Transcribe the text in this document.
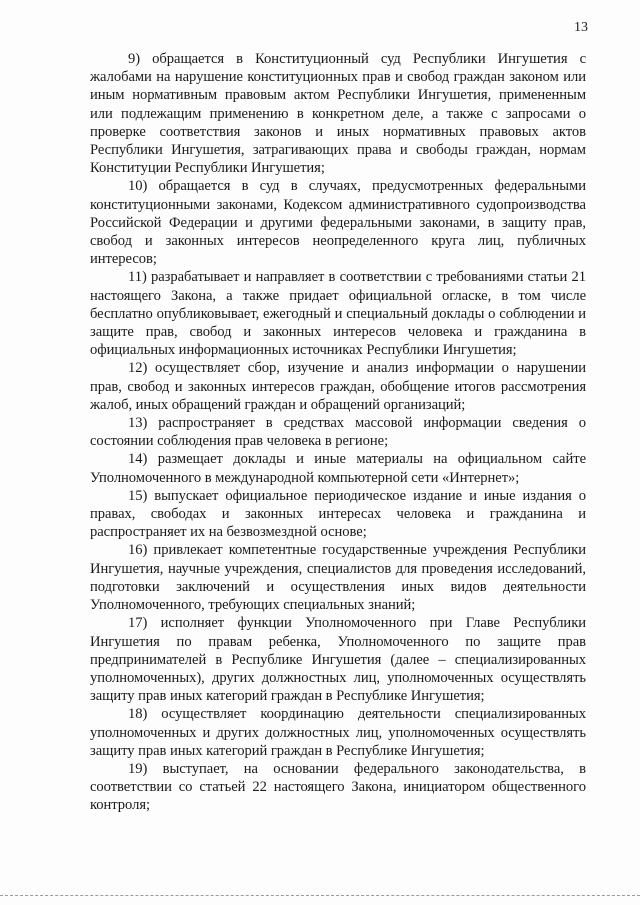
13

9) обращается в Конституционный суд Республики Ингушетия с жалобами на нарушение конституционных прав и свобод граждан законом или иным нормативным правовым актом Республики Ингушетия, примененным или подлежащим применению в конкретном деле, а также с запросами о проверке соответствия законов и иных нормативных правовых актов Республики Ингушетия, затрагивающих права и свободы граждан, нормам Конституции Республики Ингушетия;

10) обращается в суд в случаях, предусмотренных федеральными конституционными законами, Кодексом административного судопроизводства Российской Федерации и другими федеральными законами, в защиту прав, свобод и законных интересов неопределенного круга лиц, публичных интересов;

11) разрабатывает и направляет в соответствии с требованиями статьи 21 настоящего Закона, а также придает официальной огласке, в том числе бесплатно опубликовывает, ежегодный и специальный доклады о соблюдении и защите прав, свобод и законных интересов человека и гражданина в официальных информационных источниках Республики Ингушетия;

12) осуществляет сбор, изучение и анализ информации о нарушении прав, свобод и законных интересов граждан, обобщение итогов рассмотрения жалоб, иных обращений граждан и обращений организаций;

13) распространяет в средствах массовой информации сведения о состоянии соблюдения прав человека в регионе;

14) размещает доклады и иные материалы на официальном сайте Уполномоченного в международной компьютерной сети «Интернет»;

15) выпускает официальное периодическое издание и иные издания о правах, свободах и законных интересах человека и гражданина и распространяет их на безвозмездной основе;

16) привлекает компетентные государственные учреждения Республики Ингушетия, научные учреждения, специалистов для проведения исследований, подготовки заключений и осуществления иных видов деятельности Уполномоченного, требующих специальных знаний;

17) исполняет функции Уполномоченного при Главе Республики Ингушетия по правам ребенка, Уполномоченного по защите прав предпринимателей в Республике Ингушетия (далее – специализированных уполномоченных), других должностных лиц, уполномоченных осуществлять защиту прав иных категорий граждан в Республике Ингушетия;

18) осуществляет координацию деятельности специализированных уполномоченных и других должностных лиц, уполномоченных осуществлять защиту прав иных категорий граждан в Республике Ингушетия;

19) выступает, на основании федерального законодательства, в соответствии со статьей 22 настоящего Закона, инициатором общественного контроля;
